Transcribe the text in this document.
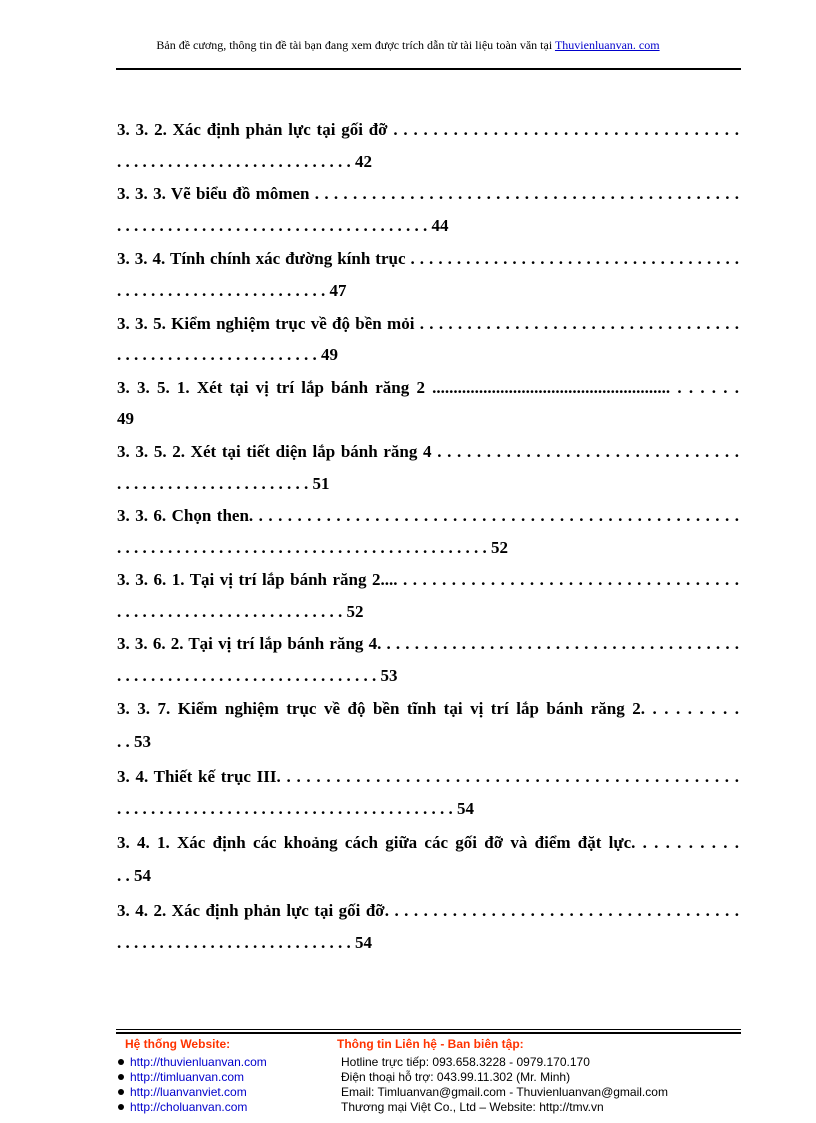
Bản đề cương, thông tin đề tài bạn đang xem được trích dẫn từ tài liệu toàn văn tại Thuvienluanvan. com
3. 3. 2. Xác định phản lực tại gối đỡ . . . . . . . . . . . . . . . . . . . . . . . . . . . . . . . . . . .
. . . . . . . . . . . . . . . . . . . . . . . . . . . . 42
3. 3. 3. Vẽ biểu đồ mômen . . . . . . . . . . . . . . . . . . . . . . . . . . . . . . . . . . . . . . . . . . . . .
. . . . . . . . . . . . . . . . . . . . . . . . . . . . . . . . . . . . . 44
3. 3. 4. Tính chính xác đường kính trục . . . . . . . . . . . . . . . . . . . . . . . . . . . . . . . . . . . .
. . . . . . . . . . . . . . . . . . . . . . . . . 47
3. 3. 5. Kiểm nghiệm trục về độ bền mỏi . . . . . . . . . . . . . . . . . . . . . . . . . . . . . . . . . .
. . . . . . . . . . . . . . . . . . . . . . . . 49
3. 3. 5. 1. Xét tại vị trí lắp bánh răng 2 ........................................................ . . . . . .
49
3. 3. 5. 2. Xét tại tiết diện lắp bánh răng 4 . . . . . . . . . . . . . . . . . . . . . . . . . . . . . . .
. . . . . . . . . . . . . . . . . . . . . . . 51
3. 3. 6. Chọn then. . . . . . . . . . . . . . . . . . . . . . . . . . . . . . . . . . . . . . . . . . . . . . . . . . .
. . . . . . . . . . . . . . . . . . . . . . . . . . . . . . . . . . . . . . . . . . . . 52
3. 3. 6. 1. Tại vị trí lắp bánh răng 2.... . . . . . . . . . . . . . . . . . . . . . . . . . . . . . . . . . . .
. . . . . . . . . . . . . . . . . . . . . . . . . . . 52
3. 3. 6. 2. Tại vị trí lắp bánh răng 4. . . . . . . . . . . . . . . . . . . . . . . . . . . . . . . . . . . . . . .
. . . . . . . . . . . . . . . . . . . . . . . . . . . . . . . 53
3. 3. 7. Kiểm nghiệm trục về độ bền tĩnh tại vị trí lắp bánh răng 2. . . . . . . . .
. . 53
3. 4. Thiết kế trục III. . . . . . . . . . . . . . . . . . . . . . . . . . . . . . . . . . . . . . . . . . . . . . .
. . . . . . . . . . . . . . . . . . . . . . . . . . . . . . . . . . . . . . . . 54
3. 4. 1. Xác định các khoảng cách giữa các gối đỡ và điểm đặt lực. . . . . . . . . .
. . 54
3. 4. 2. Xác định phản lực tại gối đỡ. . . . . . . . . . . . . . . . . . . . . . . . . . . . . . . . . . . . .
. . . . . . . . . . . . . . . . . . . . . . . . . . . . 54
Hệ thống Website:	Thông tin Liên hệ - Ban biên tập:
http://thuvienluanvan.com
http://timluanvan.com
http://luanvanviet.com
http://choluanvan.com
Hotline trực tiếp: 093.658.3228 - 0979.170.170
Điện thoại hỗ trợ: 043.99.11.302 (Mr. Minh)
Email: Timluanvan@gmail.com - Thuvienluanvan@gmail.com
Thương mại Việt Co., Ltd – Website: http://tmv.vn
